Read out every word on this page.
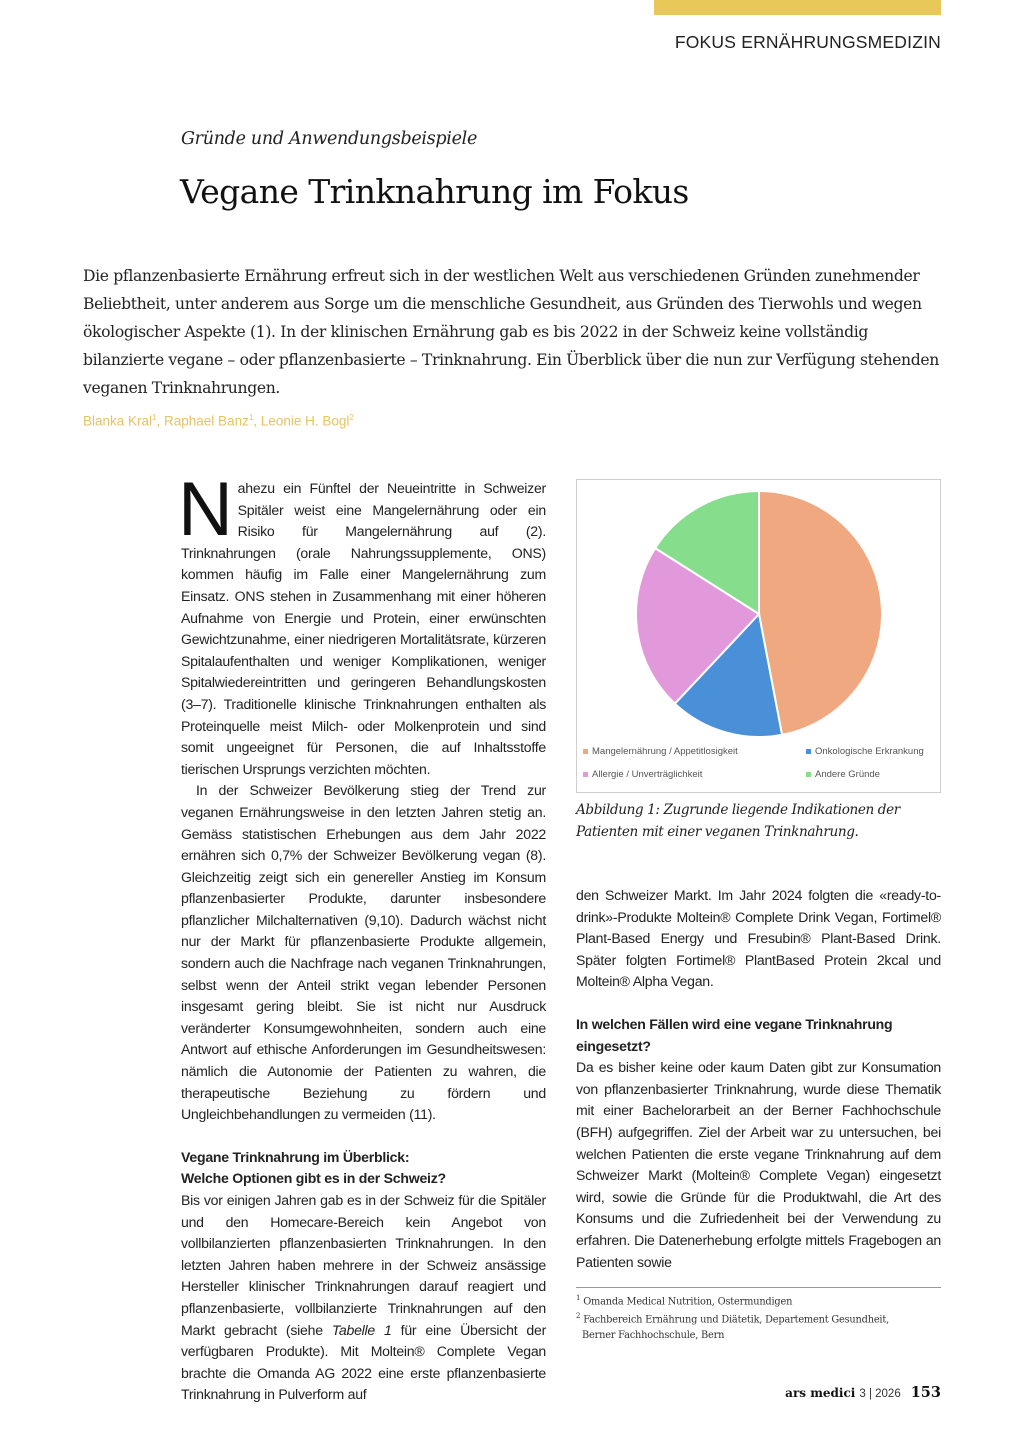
FOKUS ERNÄHRUNGSMEDIZIN
Gründe und Anwendungsbeispiele
Vegane Trinknahrung im Fokus

Die pflanzenbasierte Ernährung erfreut sich in der westlichen Welt aus verschiedenen Gründen zunehmender Beliebtheit, unter anderem aus Sorge um die menschliche Gesundheit, aus Gründen des Tierwohls und wegen ökologischer Aspekte (1). In der klinischen Ernährung gab es bis 2022 in der Schweiz keine vollständig bilanzierte vegane – oder pflanzenbasierte – Trinknahrung. Ein Überblick über die nun zur Verfügung stehenden veganen Trinknahrungen.

Blanka Kral$^1$, Raphael Banz$^1$, Leonie H. Bogl$^2$

Nahezu ein Fünftel der Neueintritte in Schweizer Spitäler weist eine Mangelernährung oder ein Risiko für Mangelernährung auf (2). Trinknahrungen (orale Nahrungssupplemente, ONS) kommen häufig im Falle einer Mangelernährung zum Einsatz. ONS stehen in Zusammenhang mit einer höheren Aufnahme von Energie und Protein, einer erwünschten Gewichtzunahme, einer niedrigeren Mortalitätsrate, kürzeren Spitalaufenthalten und weniger Komplikationen, weniger Spitalwiedereintritten und geringeren Behandlungskosten (3–7). Traditionelle klinische Trinknahrungen enthalten als Proteinquelle meist Milch- oder Molkenprotein und sind somit ungeeignet für Personen, die auf Inhaltsstoffe tierischen Ursprungs verzichten möchten.

In der Schweizer Bevölkerung stieg der Trend zur veganen Ernährungsweise in den letzten Jahren stetig an. Gemäss statistischen Erhebungen aus dem Jahr 2022 ernähren sich 0,7% der Schweizer Bevölkerung vegan (8). Gleichzeitig zeigt sich ein genereller Anstieg im Konsum pflanzenbasierter Produkte, darunter insbesondere pflanzlicher Milchalternativen (9,10). Dadurch wächst nicht nur der Markt für pflanzenbasierte Produkte allgemein, sondern auch die Nachfrage nach veganen Trinknahrungen, selbst wenn der Anteil strikt vegan lebender Personen insgesamt gering bleibt. Sie ist nicht nur Ausdruck veränderter Konsumgewohnheiten, sondern auch eine Antwort auf ethische Anforderungen im Gesundheitswesen: nämlich die Autonomie der Patienten zu wahren, die therapeutische Beziehung zu fördern und Ungleichbehandlungen zu vermeiden (11).

Vegane Trinknahrung im Überblick:
Welche Optionen gibt es in der Schweiz?

Bis vor einigen Jahren gab es in der Schweiz für die Spitäler und den Homecare-Bereich kein Angebot von vollbilanzierten pflanzenbasierten Trinknahrungen. In den letzten Jahren haben mehrere in der Schweiz ansässige Hersteller klinischer Trinknahrungen darauf reagiert und pflanzenbasierte, vollbilanzierte Trinknahrungen auf den Markt gebracht (siehe Tabelle 1 für eine Übersicht der verfügbaren Produkte). Mit Moltein® Complete Vegan brachte die Omanda AG 2022 eine erste pflanzenbasierte Trinknahrung in Pulverform auf

Mangelernährung / Appetitlosigkeit	Onkologische Erkrankung
Allergie / Unverträglichkeit	Andere Gründe

Abbildung 1: Zugrunde liegende Indikationen der Patienten mit einer veganen Trinknahrung.

den Schweizer Markt. Im Jahr 2024 folgten die «ready-to-drink»-Produkte Moltein® Complete Drink Vegan, Fortimel® Plant-Based Energy und Fresubin® Plant-Based Drink. Später folgten Fortimel® PlantBased Protein 2kcal und Moltein® Alpha Vegan.

In welchen Fällen wird eine vegane Trinknahrung eingesetzt?

Da es bisher keine oder kaum Daten gibt zur Konsumation von pflanzenbasierter Trinknahrung, wurde diese Thematik mit einer Bachelorarbeit an der Berner Fachhochschule (BFH) aufgegriffen. Ziel der Arbeit war zu untersuchen, bei welchen Patienten die erste vegane Trinknahrung auf dem Schweizer Markt (Moltein® Complete Vegan) eingesetzt wird, sowie die Gründe für die Produktwahl, die Art des Konsums und die Zufriedenheit bei der Verwendung zu erfahren. Die Datenerhebung erfolgte mittels Fragebogen an Patienten sowie

$^1$ Omanda Medical Nutrition, Ostermundigen
$^2$ Fachbereich Ernährung und Diätetik, Departement Gesundheit,
Berner Fachhochschule, Bern
ars medici 3 | 2026 153
